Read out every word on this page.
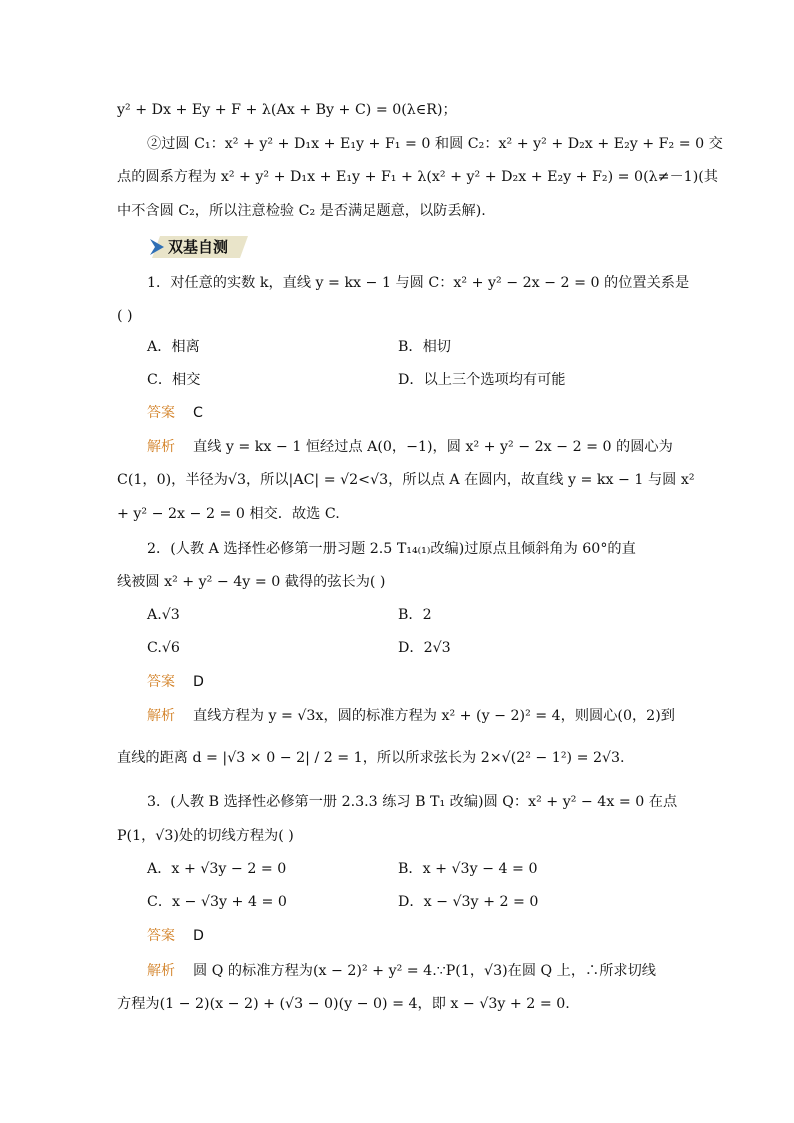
y² + Dx + Ey + F + λ(Ax + By + C) = 0(λ∈R)；
②过圆 C₁：x² + y² + D₁x + E₁y + F₁ = 0 和圆 C₂：x² + y² + D₂x + E₂y + F₂ = 0 交
点的圆系方程为 x² + y² + D₁x + E₁y + F₁ + λ(x² + y² + D₂x + E₂y + F₂) = 0(λ≠－1)(其
中不含圆 C₂，所以注意检验 C₂ 是否满足题意，以防丢解).
双基自测
1．对任意的实数 k，直线 y = kx − 1 与圆 C：x² + y² − 2x − 2 = 0 的位置关系是
( )
A．相离	B．相切
C．相交	D．以上三个选项均有可能
答案 C
解析 直线 y = kx − 1 恒经过点 A(0，−1)，圆 x² + y² − 2x − 2 = 0 的圆心为
C(1，0)，半径为√3，所以|AC| = √2<√3，所以点 A 在圆内，故直线 y = kx − 1 与圆 x²
+ y² − 2x − 2 = 0 相交．故选 C.
2．(人教 A 选择性必修第一册习题 2.5 T₁₄₍₁₎改编)过原点且倾斜角为 60°的直
线被圆 x² + y² − 4y = 0 截得的弦长为( )
A.√3	B．2
C.√6	D．2√3
答案 D
解析 直线方程为 y = √3x，圆的标准方程为 x² + (y − 2)² = 4，则圆心(0，2)到
直线的距离 d = |√3 × 0 − 2| / 2 = 1，所以所求弦长为 2×√(2² − 1²) = 2√3.
3．(人教 B 选择性必修第一册 2.3.3 练习 B T₁ 改编)圆 Q：x² + y² − 4x = 0 在点
P(1，√3)处的切线方程为( )
A．x + √3y − 2 = 0	B．x + √3y − 4 = 0
C．x − √3y + 4 = 0	D．x − √3y + 2 = 0
答案 D
解析 圆 Q 的标准方程为(x − 2)² + y² = 4.∵P(1，√3)在圆 Q 上，∴所求切线
方程为(1 − 2)(x − 2) + (√3 − 0)(y − 0) = 4，即 x − √3y + 2 = 0.
